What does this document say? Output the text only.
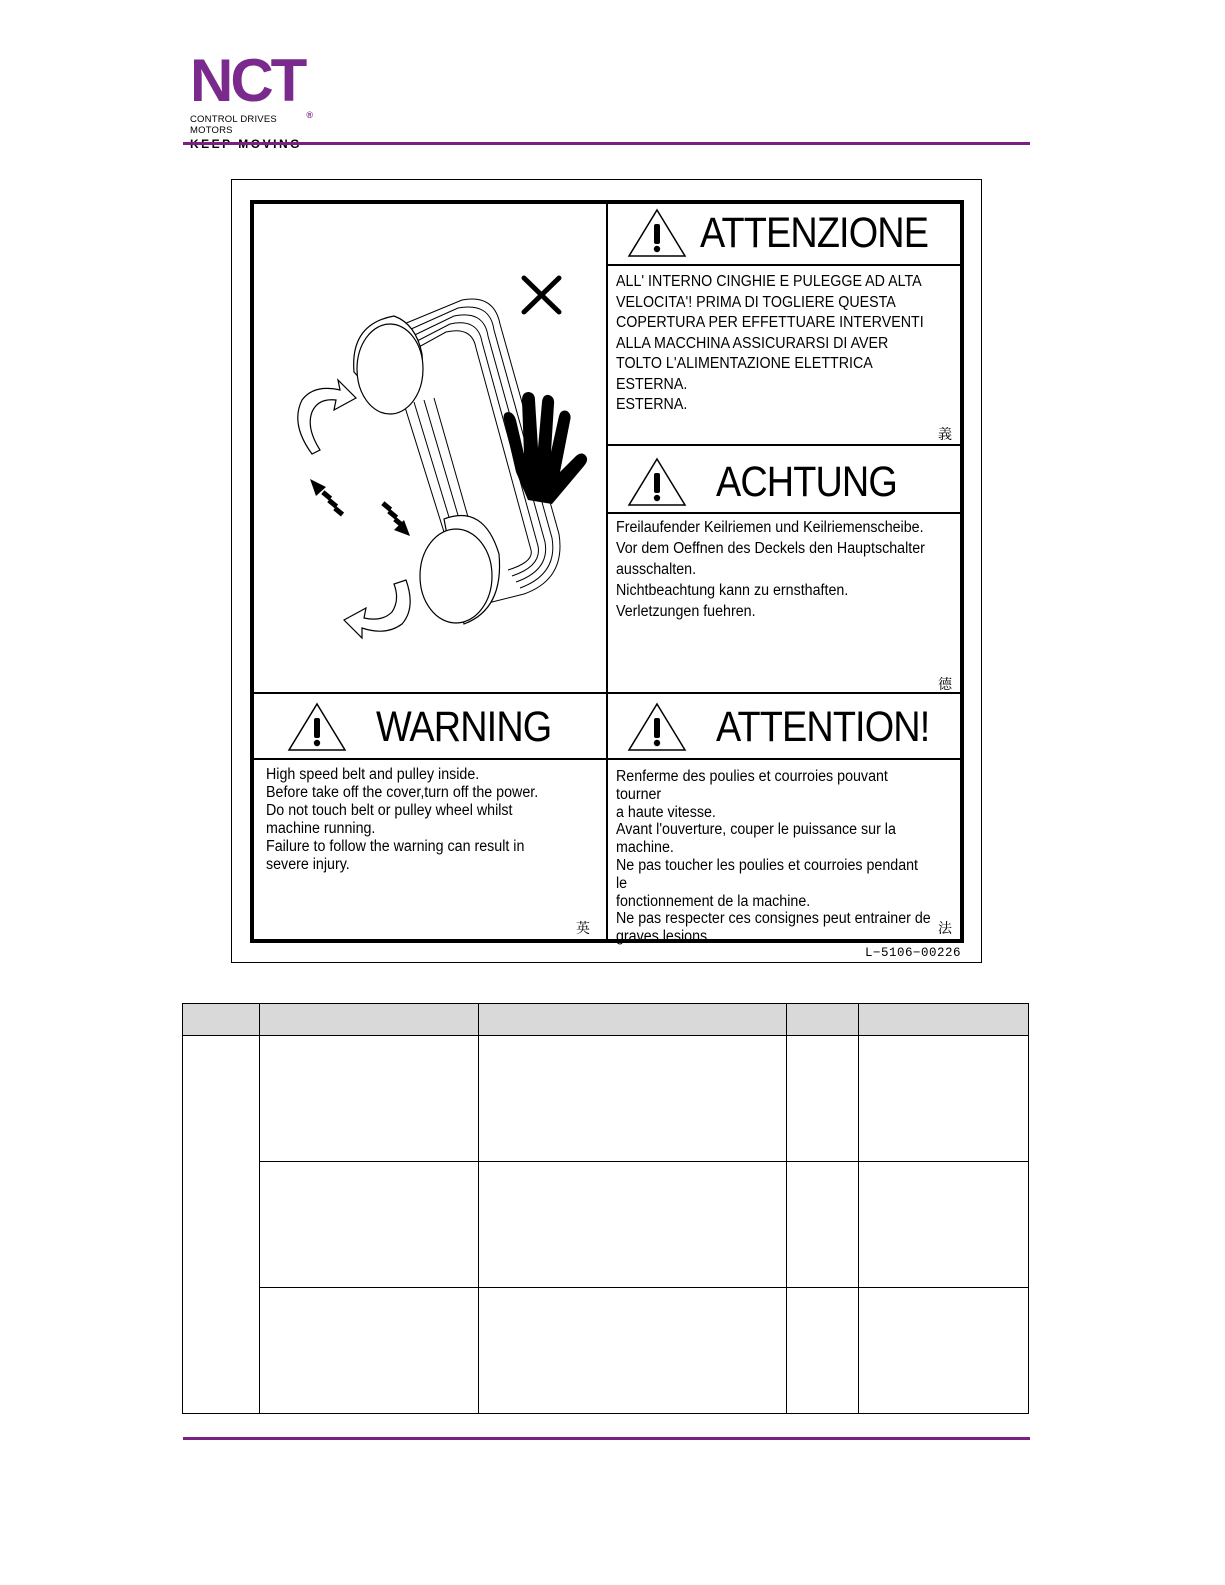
NCT®
CONTROL DRIVES MOTORS
ATTENZIONE
ALL' INTERNO CINGHIE E PULEGGE AD ALTA
VELOCITA'! PRIMA DI TOGLIERE QUESTA
COPERTURA PER EFFETTUARE INTERVENTI
ALLA MACCHINA ASSICURARSI DI AVER
TOLTO L'ALIMENTAZIONE ELETTRICA ESTERNA.
ESTERNA.
義
ACHTUNG
Freilaufender Keilriemen und Keilriemenscheibe.
Vor dem Oeffnen des Deckels den Hauptschalter
ausschalten.
Nichtbeachtung kann zu ernsthaften.
Verletzungen fuehren.
德
WARNING
High speed belt and pulley inside.
Before take off the cover,turn off the power.
Do not touch belt or pulley wheel whilst
machine running.
Failure to follow the warning can result in
severe injury.
英
ATTENTION!
Renferme des poulies et courroies pouvant tourner
a haute vitesse.
Avant l'ouverture, couper le puissance sur la
machine.
Ne pas toucher les poulies et courroies pendant le
fonctionnement de la machine.
Ne pas respecter ces consignes peut entrainer de
graves lesions.	法
L−5106−00226
